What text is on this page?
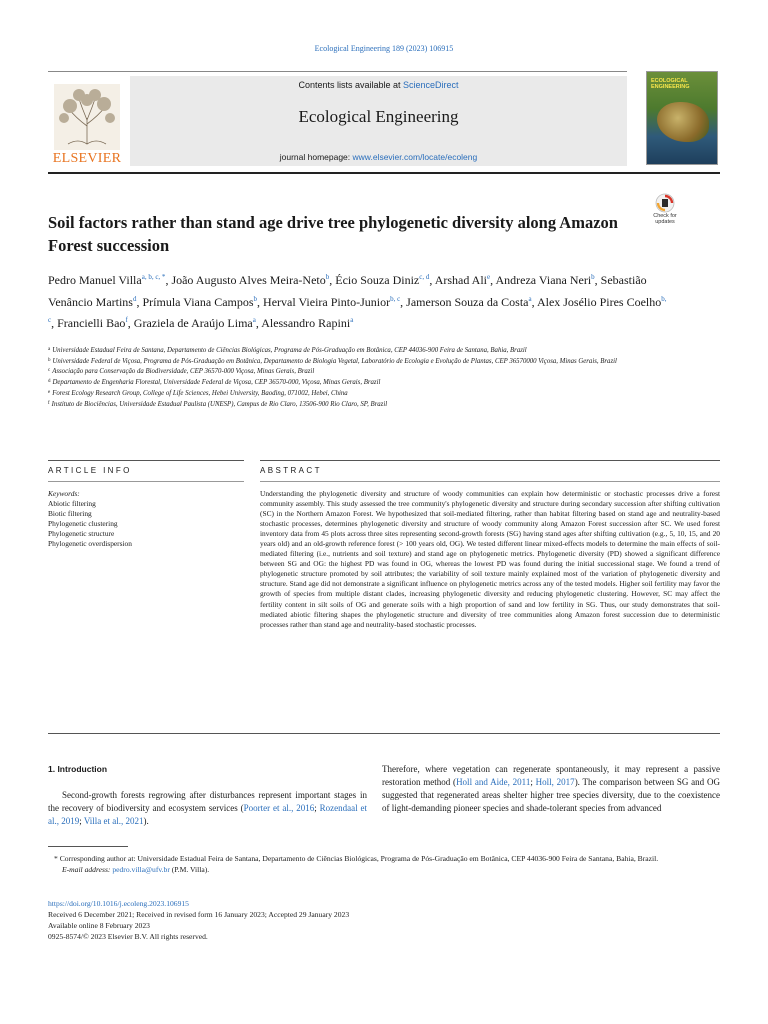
Ecological Engineering 189 (2023) 106915
ELSEVIER
Contents lists available at ScienceDirect
Ecological Engineering
journal homepage: www.elsevier.com/locate/ecoleng
ECOLOGICAL ENGINEERING
Check for updates
Soil factors rather than stand age drive tree phylogenetic diversity along Amazon Forest succession
Pedro Manuel Villa$^{a, b, c, *}$, João Augusto Alves Meira-Neto$^b$, Écio Souza Diniz$^{c, d}$, Arshad Ali$^e$, Andreza Viana Neri$^b$, Sebastião Venâncio Martins$^d$, Prímula Viana Campos$^b$, Herval Vieira Pinto-Junior$^{b, c}$, Jamerson Souza da Costa$^a$, Alex Josélio Pires Coelho$^{b, c}$, Francielli Bao$^f$, Graziela de Araújo Lima$^a$, Alessandro Rapini$^a$
$^a$ Universidade Estadual Feira de Santana, Departamento de Ciências Biológicas, Programa de Pós-Graduação em Botânica, CEP 44036-900 Feira de Santana, Bahia, Brazil
$^b$ Universidade Federal de Viçosa, Programa de Pós-Graduação em Botânica, Departamento de Biologia Vegetal, Laboratório de Ecologia e Evolução de Plantas, CEP 36570000 Viçosa, Minas Gerais, Brazil
$^c$ Associação para Conservação da Biodiversidade, CEP 36570-000 Viçosa, Minas Gerais, Brazil
$^d$ Departamento de Engenharia Florestal, Universidade Federal de Viçosa, CEP 36570-000, Viçosa, Minas Gerais, Brazil
$^e$ Forest Ecology Research Group, College of Life Sciences, Hebei University, Baoding, 071002, Hebei, China
$^f$ Instituto de Biociências, Universidade Estadual Paulista (UNESP), Campus de Rio Claro, 13506-900 Rio Claro, SP, Brazil
ARTICLE INFO	ABSTRACT
Keywords:
Abiotic filtering
Biotic filtering
Phylogenetic clustering
Phylogenetic structure
Phylogenetic overdispersion

Understanding the phylogenetic diversity and structure of woody communities can explain how deterministic or stochastic processes drive a forest community assembly. This study assessed the tree community's phylogenetic diversity and structure during secondary succession after shifting cultivation (SC) in the Northern Amazon Forest. We hypothesized that soil-mediated filtering, rather than habitat filtering based on stand age and neutrality-based stochastic processes, determines phylogenetic diversity and structure of woody community along Amazon Forest succession after SC. We used forest inventory data from 45 plots across three sites representing second-growth forests (SG) having stand ages after shifting cultivation (e.g., 5, 10, 15, and 20 years old) and an old-growth reference forest (> 100 years old, OG). We tested different linear mixed-effects models to determine the main effects of soil-mediated filtering (i.e., nutrients and soil texture) and stand age on phylogenetic metrics. Phylogenetic diversity (PD) showed a significant difference between SG and OG: the highest PD was found in OG, whereas the lowest PD was found during the initial successional stage. We found a trend of phylogenetic structure promoted by soil attributes; the variability of soil texture mainly explained most of the variation of phylogenetic diversity and structure. Stand age did not demonstrate a significant influence on phylogenetic metrics across any of the tested models. Higher soil fertility may favor the growth of species from multiple distant clades, increasing phylogenetic diversity and reducing phylogenetic clustering. However, SC may affect the fertility content in silt soils of OG and generate soils with a high proportion of sand and low fertility in SG. Thus, our study demonstrates that soil-mediated abiotic filtering shapes the phylogenetic structure and diversity of tree communities along Amazon forest succession due to deterministic processes rather than stand age and neutrality-based stochastic processes.

1. Introduction

Second-growth forests regrowing after disturbances represent important stages in the recovery of biodiversity and ecosystem services (Poorter et al., 2016; Rozendaal et al., 2019; Villa et al., 2021).

Therefore, where vegetation can regenerate spontaneously, it may represent a passive restoration method (Holl and Aide, 2011; Holl, 2017). The comparison between SG and OG suggested that regenerated areas shelter higher tree species diversity, due to the coexistence of light-demanding pioneer species and shade-tolerant species from advanced

* Corresponding author at: Universidade Estadual Feira de Santana, Departamento de Ciências Biológicas, Programa de Pós-Graduação em Botânica, CEP 44036-900 Feira de Santana, Bahia, Brazil.
E-mail address: pedro.villa@ufv.br (P.M. Villa).
https://doi.org/10.1016/j.ecoleng.2023.106915
Received 6 December 2021; Received in revised form 16 January 2023; Accepted 29 January 2023
Available online 8 February 2023
0925-8574/© 2023 Elsevier B.V. All rights reserved.
